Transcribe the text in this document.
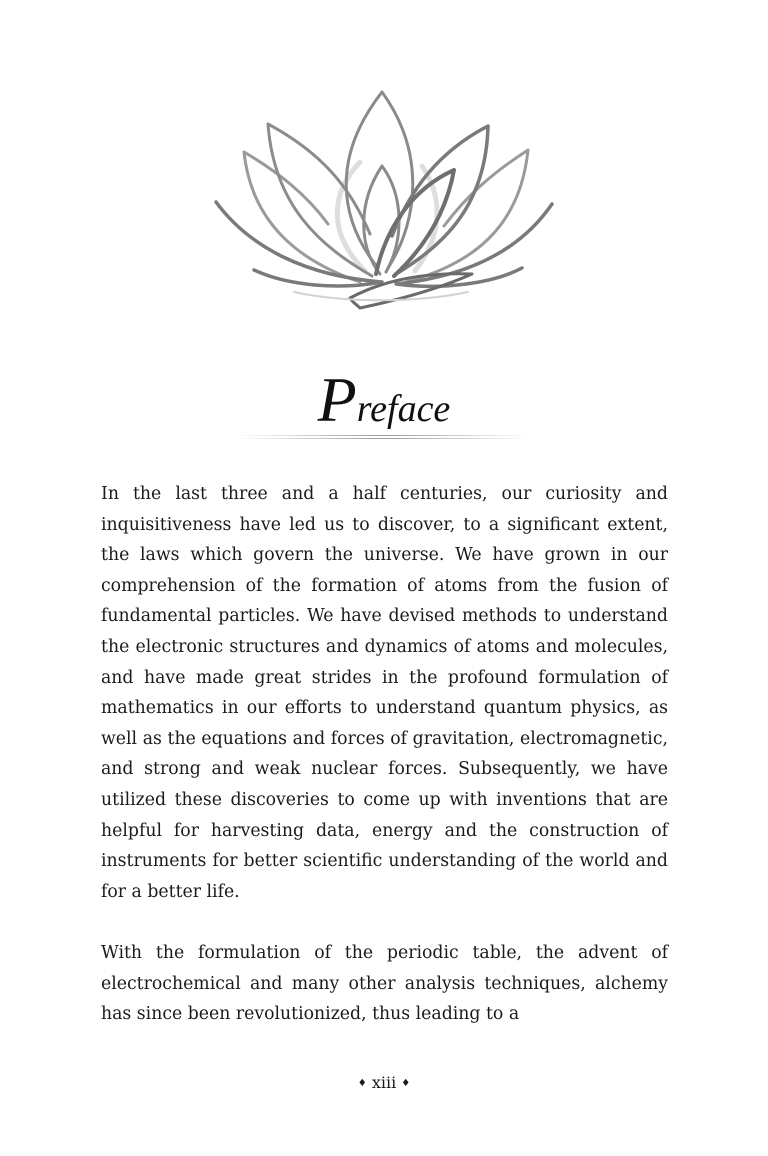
Preface

In the last three and a half centuries, our curiosity and inquisitiveness have led us to discover, to a significant extent, the laws which govern the universe. We have grown in our comprehension of the formation of atoms from the fusion of fundamental particles. We have devised methods to understand the electronic structures and dynamics of atoms and molecules, and have made great strides in the profound formulation of mathematics in our efforts to understand quantum physics, as well as the equations and forces of gravitation, electromagnetic, and strong and weak nuclear forces. Subsequently, we have utilized these discoveries to come up with inventions that are helpful for harvesting data, energy and the construction of instruments for better scientific understanding of the world and for a better life.

With the formulation of the periodic table, the advent of electrochemical and many other analysis techniques, alchemy has since been revolutionized, thus leading to a

♦ xiii ♦
